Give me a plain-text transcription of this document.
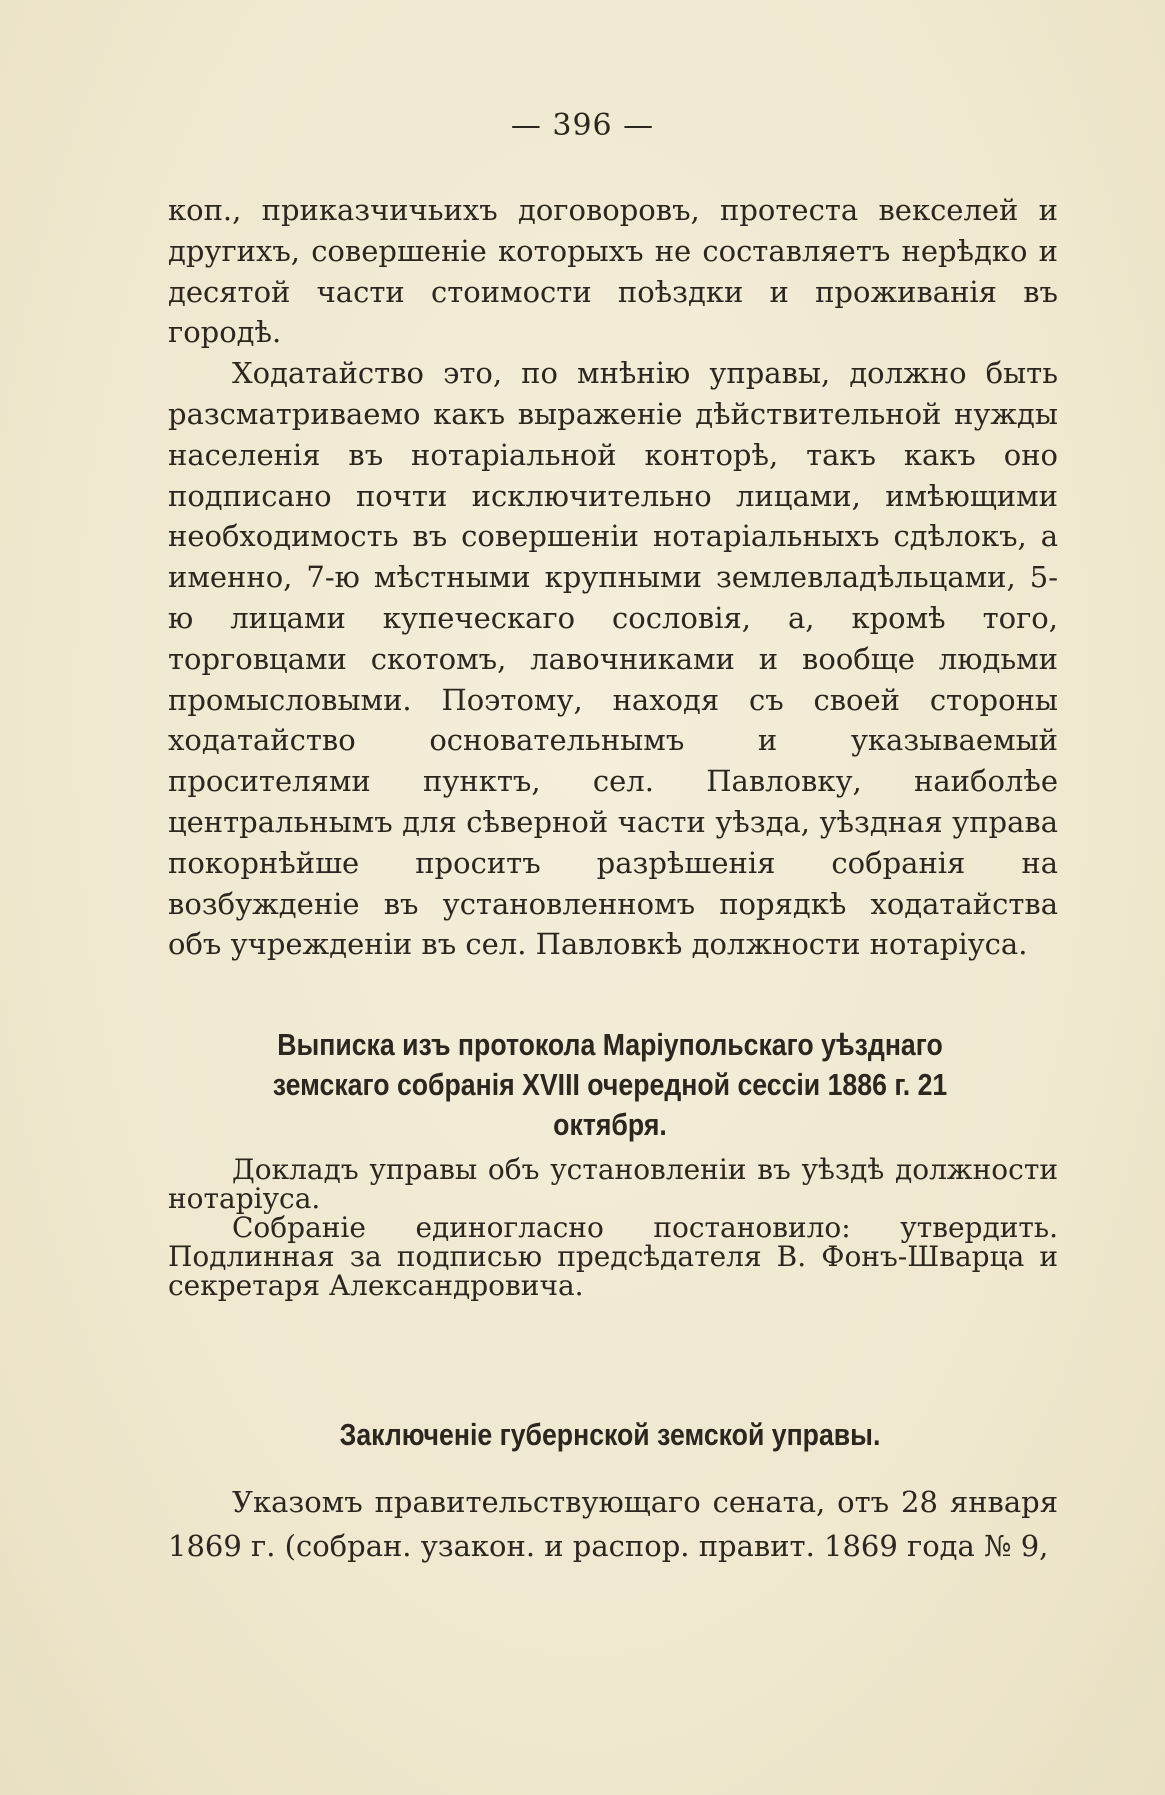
— 396 —

коп., приказчичьихъ договоровъ, протеста векселей и другихъ, совершеніе которыхъ не составляетъ нерѣдко и десятой части стоимости поѣздки и проживанія въ городѣ.

Ходатайство это, по мнѣнію управы, должно быть разсматриваемо какъ выраженіе дѣйствительной нужды населенія въ нотаріальной конторѣ, такъ какъ оно подписано почти исключительно лицами, имѣющими необходимость въ совершеніи нотаріальныхъ сдѣлокъ, а именно, 7-ю мѣстными крупными землевладѣльцами, 5-ю лицами купеческаго сословія, а, кромѣ того, торговцами скотомъ, лавочниками и вообще людьми промысловыми. Поэтому, находя съ своей стороны ходатайство основательнымъ и указываемый просителями пунктъ, сел. Павловку, наиболѣе центральнымъ для сѣверной части уѣзда, уѣздная управа покорнѣйше проситъ разрѣшенія собранія на возбужденіе въ установленномъ порядкѣ ходатайства объ учрежденіи въ сел. Павловкѣ должности нотаріуса.

Выписка изъ протокола Маріупольскаго уѣзднаго земскаго собранія XVIII очередной сессіи 1886 г. 21 октября.

Докладъ управы объ установленіи въ уѣздѣ должности нотаріуса.

Собраніе единогласно постановило: утвердить. Подлинная за подписью предсѣдателя В. Фонъ-Шварца и секретаря Александровича.

Заключеніе губернской земской управы.

Указомъ правительствующаго сената, отъ 28 января 1869 г. (собран. узакон. и распор. правит. 1869 года № 9,
